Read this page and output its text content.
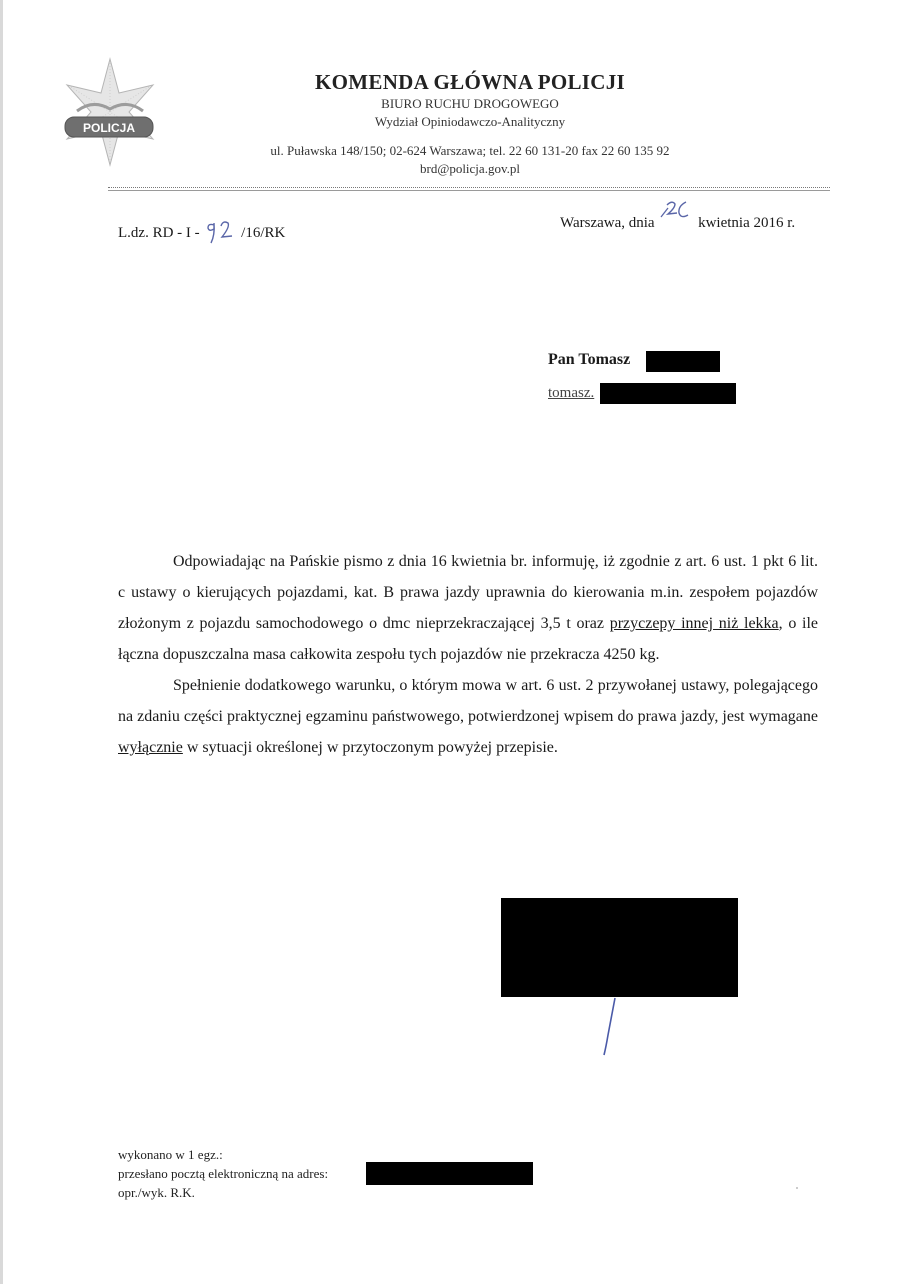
POLICJA
KOMENDA GŁÓWNA POLICJI
BIURO RUCHU DROGOWEGO
Wydział Opiniodawczo-Analityczny
ul. Puławska 148/150; 02-624 Warszawa; tel. 22 60 131-20 fax 22 60 135 92
brd@policja.gov.pl
Warszawa, dnia	kwietnia 2016 r.
L.dz. RD - I -	/16/RK
Pan Tomasz
tomasz.

Odpowiadając na Pańskie pismo z dnia 16 kwietnia br. informuję, iż zgodnie z art. 6 ust. 1 pkt 6 lit. c ustawy o kierujących pojazdami, kat. B prawa jazdy uprawnia do kierowania m.in. zespołem pojazdów złożonym z pojazdu samochodowego o dmc nieprzekraczającej 3,5 t oraz przyczepy innej niż lekka, o ile łączna dopuszczalna masa całkowita zespołu tych pojazdów nie przekracza 4250 kg.

Spełnienie dodatkowego warunku, o którym mowa w art. 6 ust. 2 przywołanej ustawy, polegającego na zdaniu części praktycznej egzaminu państwowego, potwierdzonej wpisem do prawa jazdy, jest wymagane wyłącznie w sytuacji określonej w przytoczonym powyżej przepisie.

wykonano w 1 egz.:
przesłano pocztą elektroniczną na adres:
opr./wyk. R.K.
